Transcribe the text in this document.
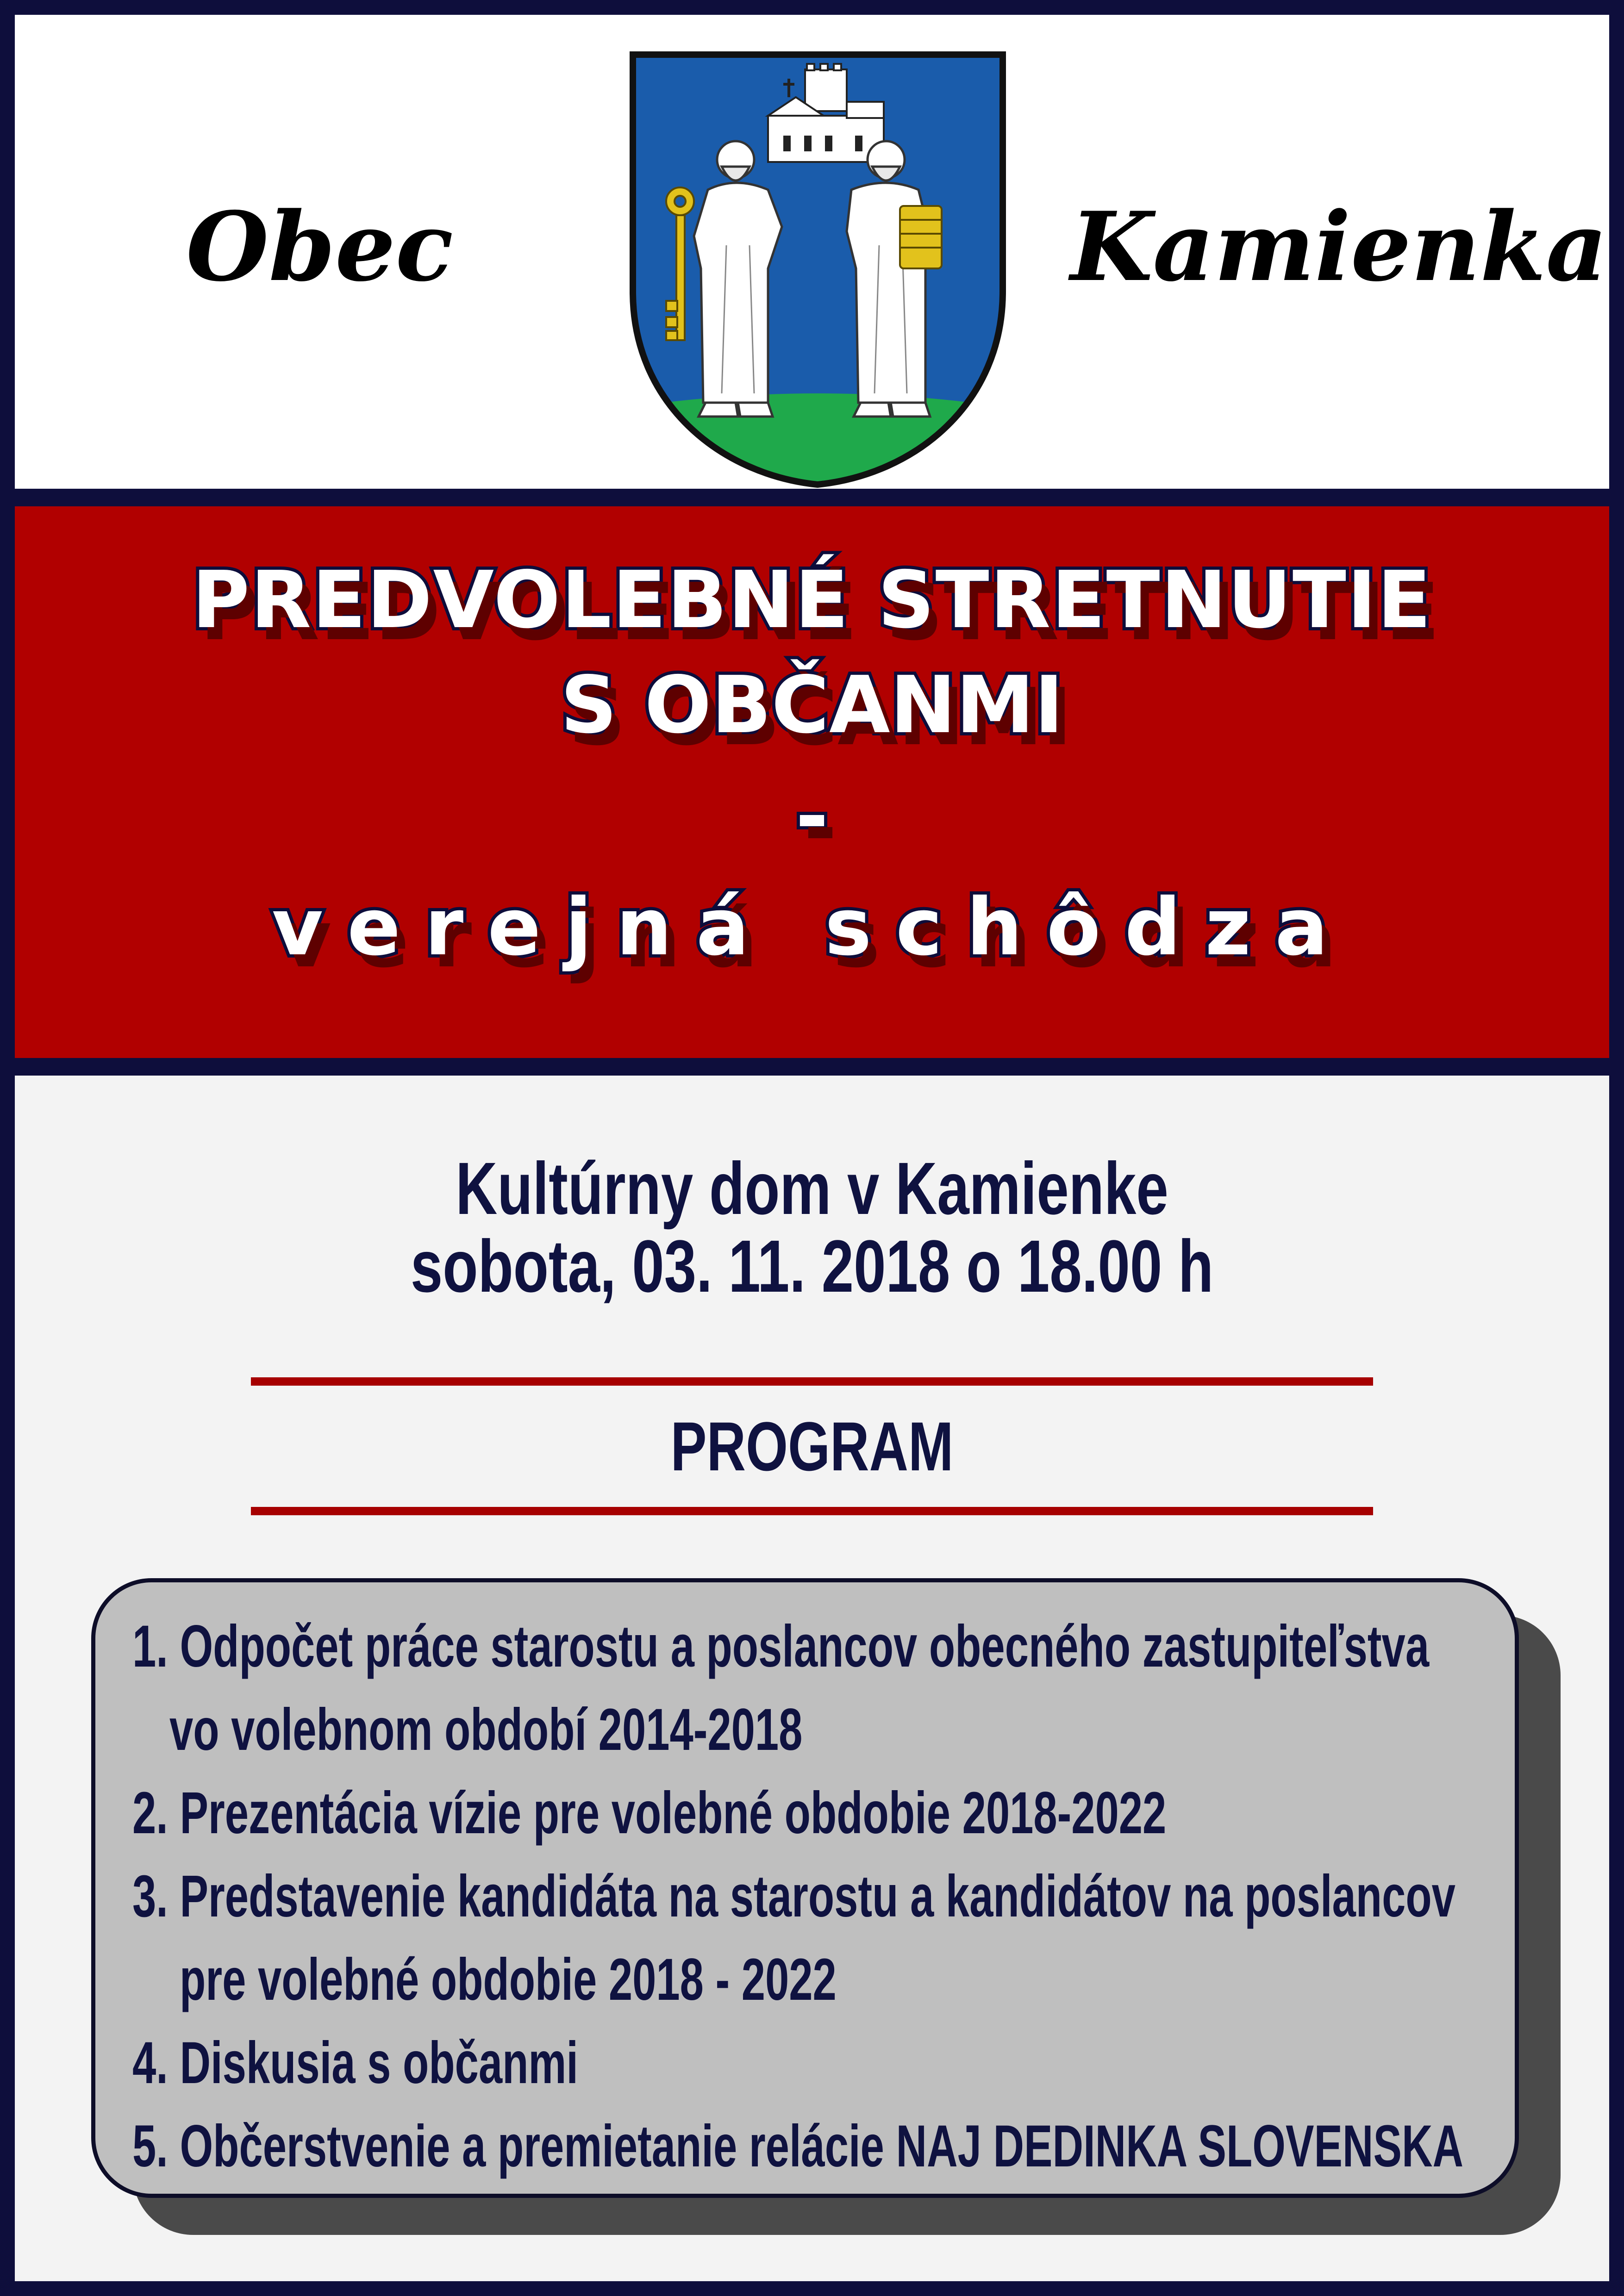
Obec	Kamienka
PREDVOLEBNÉ STRETNUTIE
S OBČANMI
-
verejná schôdza
Kultúrny dom v Kamienke
sobota, 03. 11. 2018 o 18.00 h
PROGRAM
1. Odpočet práce starostu a poslancov obecného zastupiteľstva
vo volebnom období 2014-2018
2. Prezentácia vízie pre volebné obdobie 2018-2022
3. Predstavenie kandidáta na starostu a kandidátov na poslancov
pre volebné obdobie 2018 - 2022
4. Diskusia s občanmi
5. Občerstvenie a premietanie relácie NAJ DEDINKA SLOVENSKA
